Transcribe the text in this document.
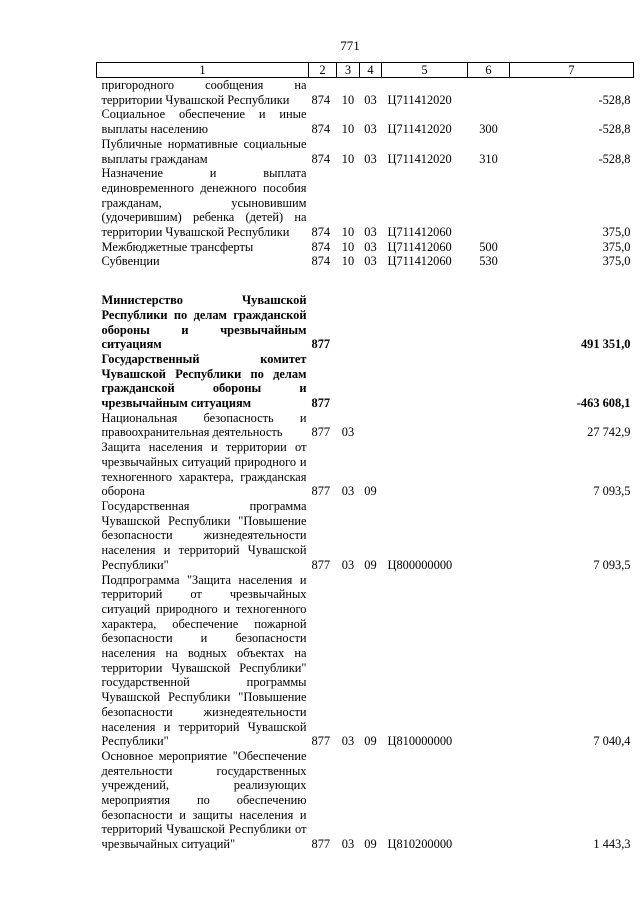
771
1	2	3	4	5	6	7
пригородного сообщения на территории Чувашской Республики	874	10	03	Ц711412020		-528,8
Социальное обеспечение и иные выплаты населению	874	10	03	Ц711412020	300	-528,8
Публичные нормативные социальные выплаты гражданам	874	10	03	Ц711412020	310	-528,8
Назначение и выплата единовременного денежного пособия гражданам, усыновившим (удочерившим) ребенка (детей) на территории Чувашской Республики	874	10	03	Ц711412060		375,0
Межбюджетные трансферты	874	10	03	Ц711412060	500	375,0
Субвенции	874	10	03	Ц711412060	530	375,0

Министерство Чувашской Республики по делам гражданской обороны и чрезвычайным ситуациям	877					491 351,0
Государственный комитет Чувашской Республики по делам гражданской обороны и чрезвычайным ситуациям	877					-463 608,1
Национальная безопасность и правоохранительная деятельность	877	03				27 742,9
Защита населения и территории от чрезвычайных ситуаций природного и техногенного характера, гражданская оборона	877	03	09			7 093,5
Государственная программа Чувашской Республики "Повышение безопасности жизнедеятельности населения и территорий Чувашской Республики"	877	03	09	Ц800000000		7 093,5
Подпрограмма "Защита населения и территорий от чрезвычайных ситуаций природного и техногенного характера, обеспечение пожарной безопасности и безопасности населения на водных объектах на территории Чувашской Республики" государственной программы Чувашской Республики "Повышение безопасности жизнедеятельности населения и территорий Чувашской Республики"	877	03	09	Ц810000000		7 040,4
Основное мероприятие "Обеспечение деятельности государственных учреждений, реализующих мероприятия по обеспечению безопасности и защиты населения и территорий Чувашской Республики от чрезвычайных ситуаций"	877	03	09	Ц810200000		1 443,3
